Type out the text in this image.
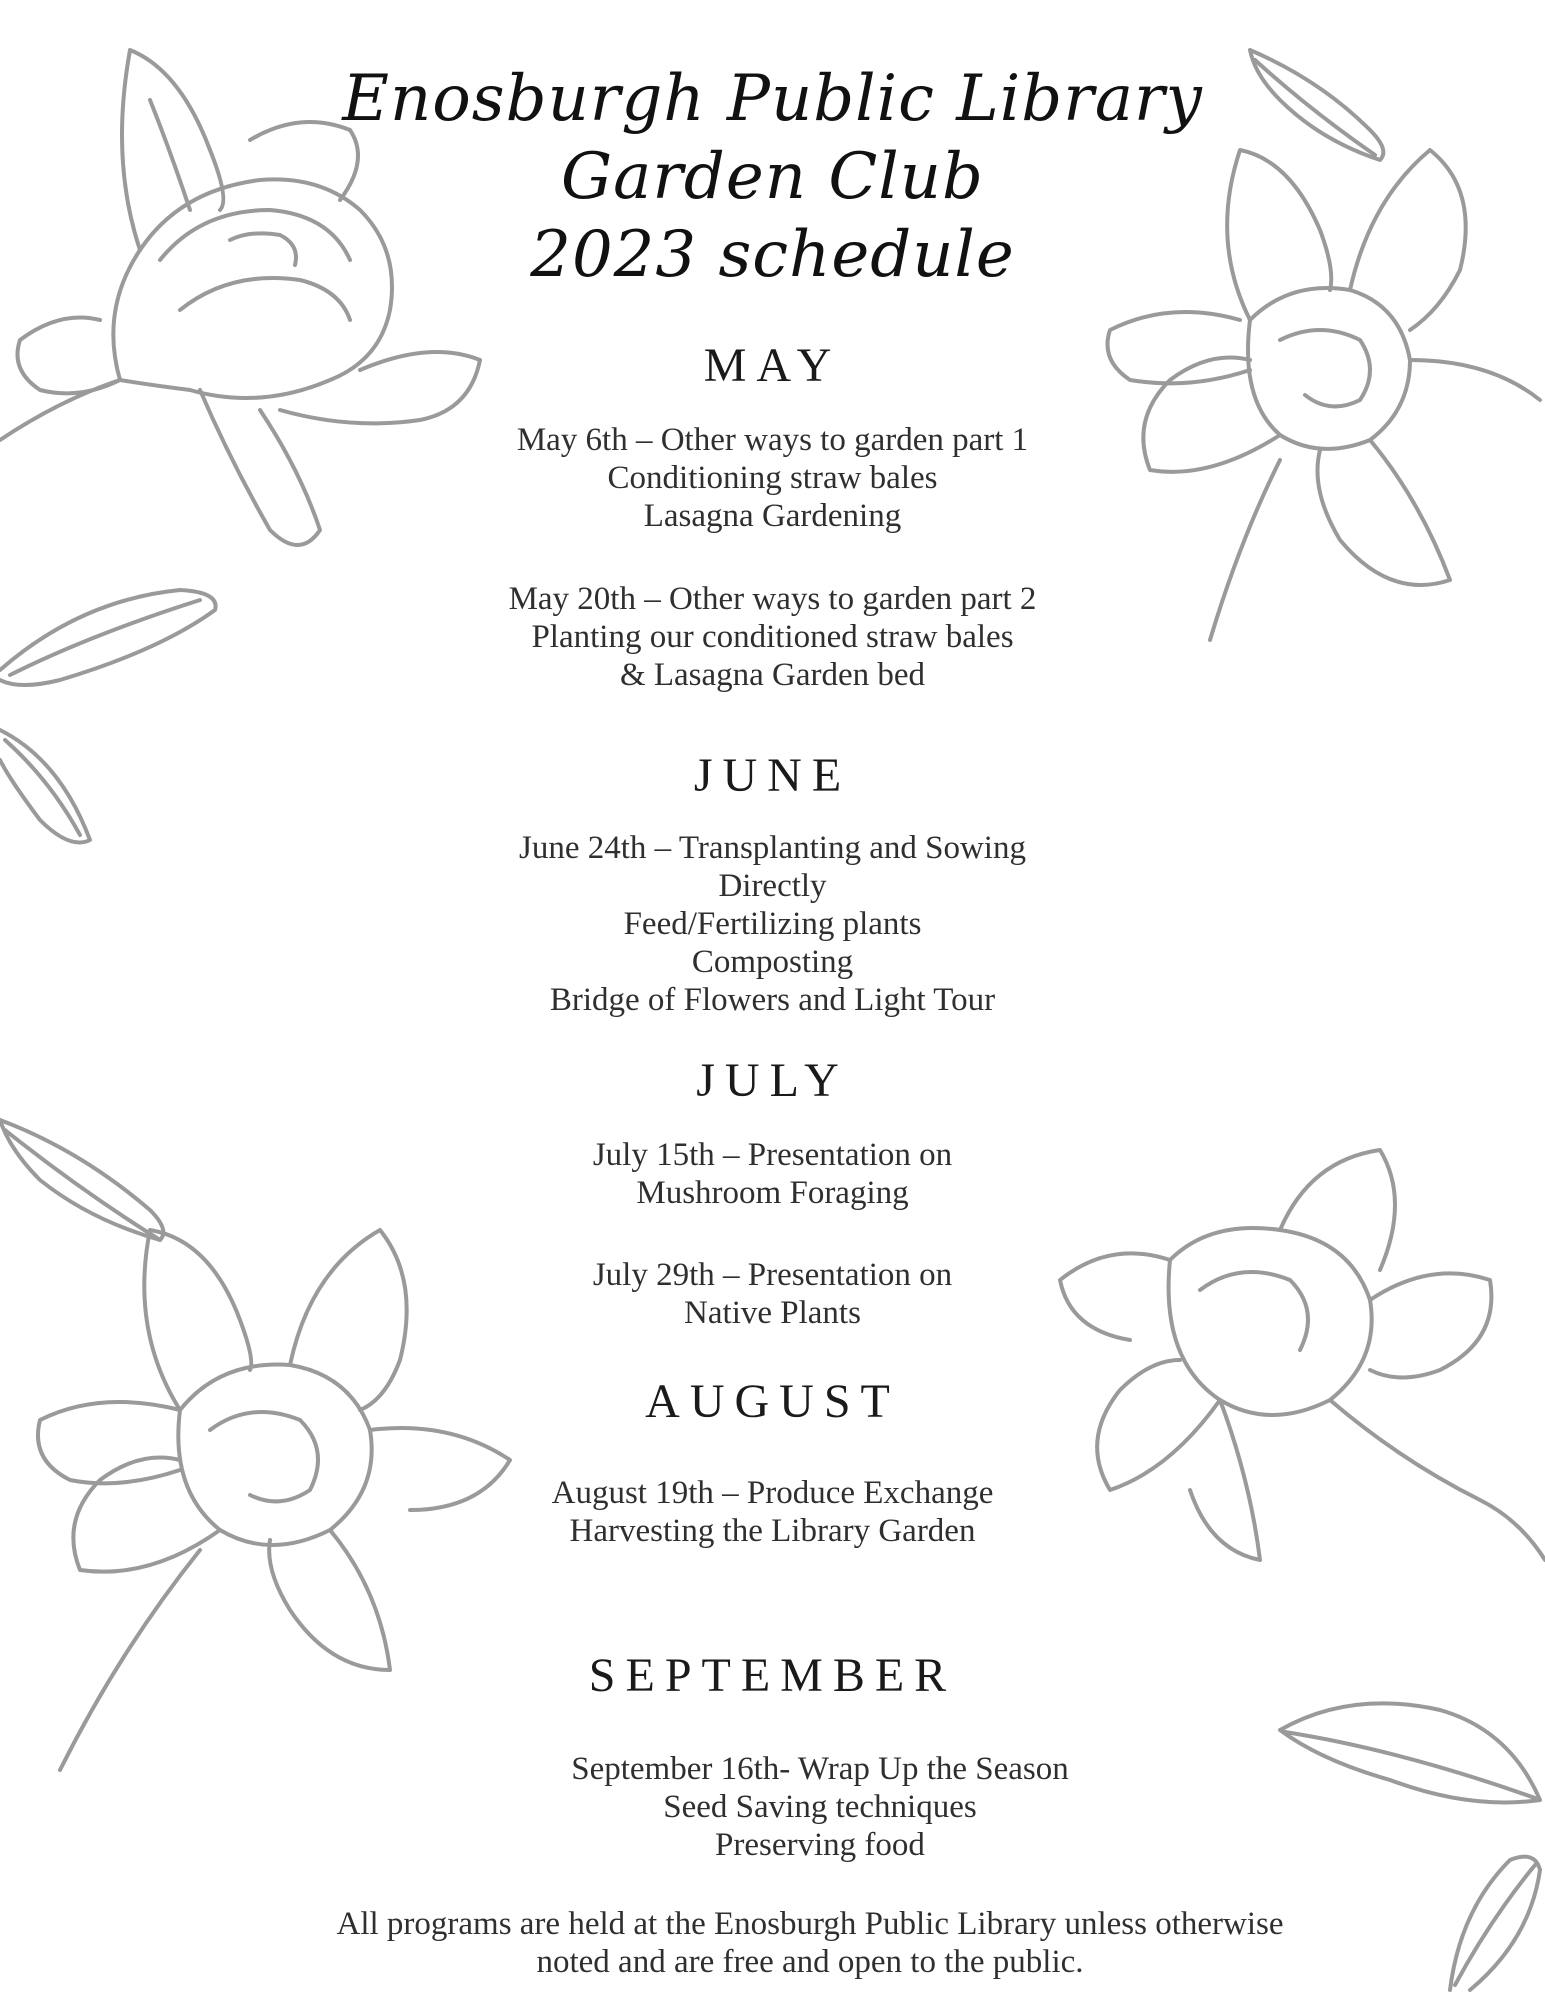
Enosburgh Public Library
Garden Club
2023 schedule
MAY
May 6th – Other ways to garden part 1
Conditioning straw bales
Lasagna Gardening
May 20th – Other ways to garden part 2
Planting our conditioned straw bales
& Lasagna Garden bed
JUNE
June 24th – Transplanting and Sowing
Directly
Feed/Fertilizing plants
Composting
Bridge of Flowers and Light Tour
JULY
July 15th – Presentation on
Mushroom Foraging
July 29th – Presentation on
Native Plants
AUGUST
August 19th – Produce Exchange
Harvesting the Library Garden
SEPTEMBER
September 16th- Wrap Up the Season
Seed Saving techniques
Preserving food
All programs are held at the Enosburgh Public Library unless otherwise
noted and are free and open to the public.
